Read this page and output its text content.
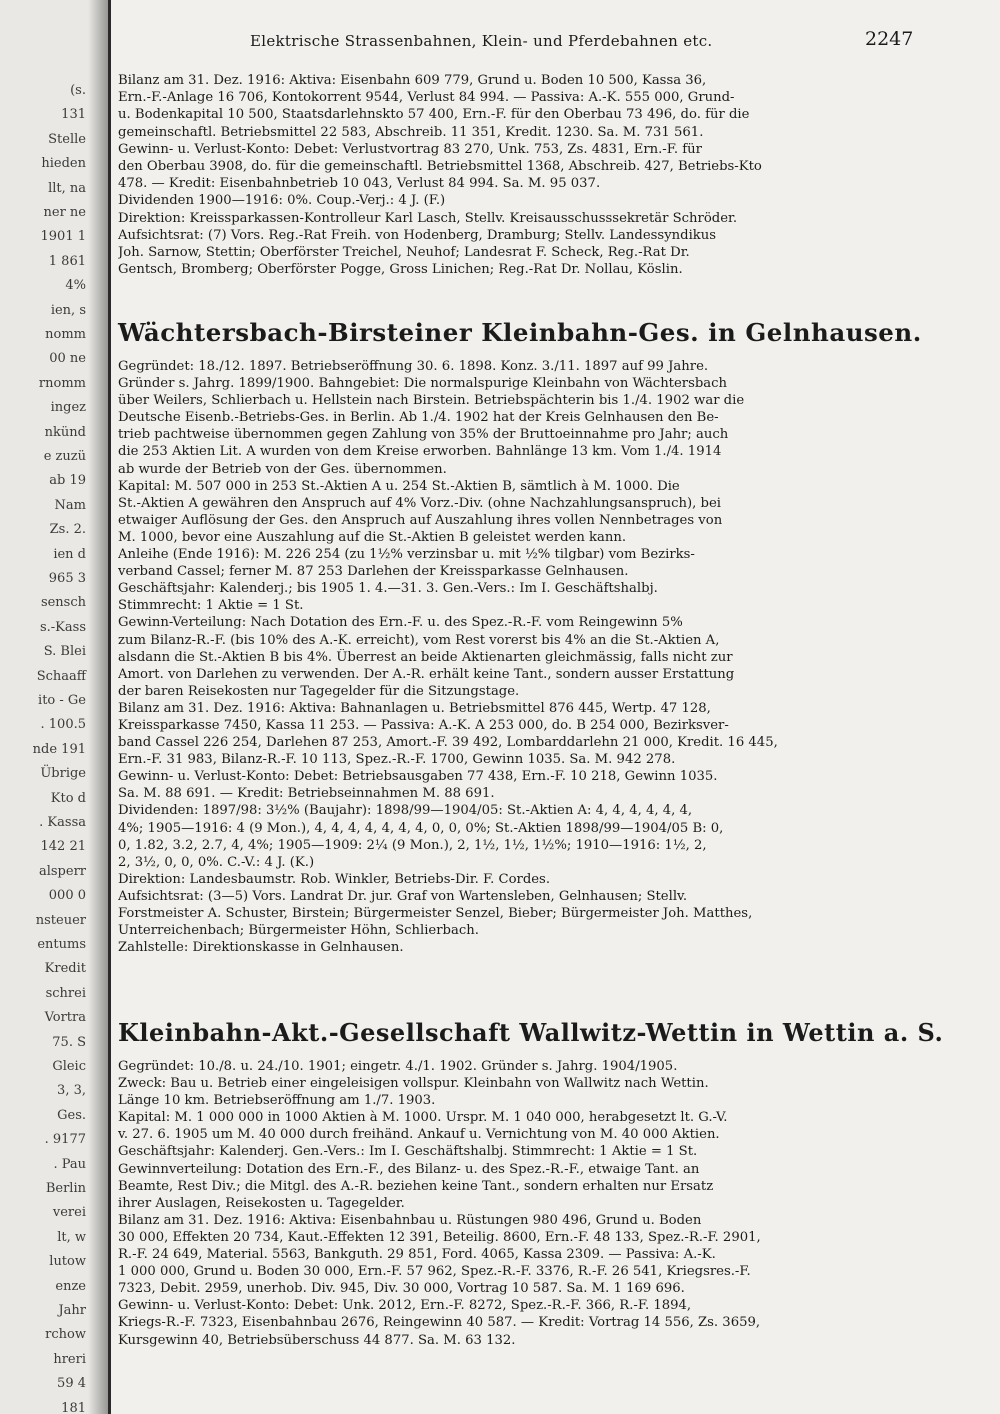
(s.
131
Stelle
hieden
llt, na
ner ne
1901 1
1 861
4%
ien, s
nomm
00 ne
rnomm
ingez
nkünd
e zuzü
ab 19
Nam
Zs. 2.
ien d
965 3
sensch
s.-Kass
S. Blei
Schaaff
ito - Ge
. 100.5
nde 191
Übrige
Kto d
. Kassa
142 21
alsperr
000 0
nsteuer
entums
Kredit
schrei
Vortra
75. S
Gleic
3, 3,
Ges.
. 9177
. Pau
Berlin
verei
lt, w
lutow
enze
Jahr
rchow
hreri
59 4
181
Elektrische Strassenbahnen, Klein- und Pferdebahnen etc.	2247
Bilanz am 31. Dez. 1916: Aktiva: Eisenbahn 609 779, Grund u. Boden 10 500, Kassa 36,
Ern.-F.-Anlage 16 706, Kontokorrent 9544, Verlust 84 994. — Passiva: A.-K. 555 000, Grund-
u. Bodenkapital 10 500, Staatsdarlehnskto 57 400, Ern.-F. für den Oberbau 73 496, do. für die
gemeinschaftl. Betriebsmittel 22 583, Abschreib. 11 351, Kredit. 1230. Sa. M. 731 561.
Gewinn- u. Verlust-Konto: Debet: Verlustvortrag 83 270, Unk. 753, Zs. 4831, Ern.-F. für
den Oberbau 3908, do. für die gemeinschaftl. Betriebsmittel 1368, Abschreib. 427, Betriebs-Kto
478. — Kredit: Eisenbahnbetrieb 10 043, Verlust 84 994. Sa. M. 95 037.
Dividenden 1900—1916: 0%. Coup.-Verj.: 4 J. (F.)
Direktion: Kreissparkassen-Kontrolleur Karl Lasch, Stellv. Kreisausschusssekretär Schröder.
Aufsichtsrat: (7) Vors. Reg.-Rat Freih. von Hodenberg, Dramburg; Stellv. Landessyndikus
Joh. Sarnow, Stettin; Oberförster Treichel, Neuhof; Landesrat F. Scheck, Reg.-Rat Dr.
Gentsch, Bromberg; Oberförster Pogge, Gross Linichen; Reg.-Rat Dr. Nollau, Köslin.

Wächtersbach-Birsteiner Kleinbahn-Ges. in Gelnhausen.

Gegründet: 18./12. 1897. Betriebseröffnung 30. 6. 1898. Konz. 3./11. 1897 auf 99 Jahre.
Gründer s. Jahrg. 1899/1900. Bahngebiet: Die normalspurige Kleinbahn von Wächtersbach
über Weilers, Schlierbach u. Hellstein nach Birstein. Betriebspächterin bis 1./4. 1902 war die
Deutsche Eisenb.-Betriebs-Ges. in Berlin. Ab 1./4. 1902 hat der Kreis Gelnhausen den Be-
trieb pachtweise übernommen gegen Zahlung von 35% der Bruttoeinnahme pro Jahr; auch
die 253 Aktien Lit. A wurden von dem Kreise erworben. Bahnlänge 13 km. Vom 1./4. 1914
ab wurde der Betrieb von der Ges. übernommen.
Kapital: M. 507 000 in 253 St.-Aktien A u. 254 St.-Aktien B, sämtlich à M. 1000. Die
St.-Aktien A gewähren den Anspruch auf 4% Vorz.-Div. (ohne Nachzahlungsanspruch), bei
etwaiger Auflösung der Ges. den Anspruch auf Auszahlung ihres vollen Nennbetrages von
M. 1000, bevor eine Auszahlung auf die St.-Aktien B geleistet werden kann.
Anleihe (Ende 1916): M. 226 254 (zu 1½% verzinsbar u. mit ½% tilgbar) vom Bezirks-
verband Cassel; ferner M. 87 253 Darlehen der Kreissparkasse Gelnhausen.
Geschäftsjahr: Kalenderj.; bis 1905 1. 4.—31. 3. Gen.-Vers.: Im I. Geschäftshalbj.
Stimmrecht: 1 Aktie = 1 St.
Gewinn-Verteilung: Nach Dotation des Ern.-F. u. des Spez.-R.-F. vom Reingewinn 5%
zum Bilanz-R.-F. (bis 10% des A.-K. erreicht), vom Rest vorerst bis 4% an die St.-Aktien A,
alsdann die St.-Aktien B bis 4%. Überrest an beide Aktienarten gleichmässig, falls nicht zur
Amort. von Darlehen zu verwenden. Der A.-R. erhält keine Tant., sondern ausser Erstattung
der baren Reisekosten nur Tagegelder für die Sitzungstage.
Bilanz am 31. Dez. 1916: Aktiva: Bahnanlagen u. Betriebsmittel 876 445, Wertp. 47 128,
Kreissparkasse 7450, Kassa 11 253. — Passiva: A.-K. A 253 000, do. B 254 000, Bezirksver-
band Cassel 226 254, Darlehen 87 253, Amort.-F. 39 492, Lombarddarlehn 21 000, Kredit. 16 445,
Ern.-F. 31 983, Bilanz-R.-F. 10 113, Spez.-R.-F. 1700, Gewinn 1035. Sa. M. 942 278.
Gewinn- u. Verlust-Konto: Debet: Betriebsausgaben 77 438, Ern.-F. 10 218, Gewinn 1035.
Sa. M. 88 691. — Kredit: Betriebseinnahmen M. 88 691.
Dividenden: 1897/98: 3½% (Baujahr): 1898/99—1904/05: St.-Aktien A: 4, 4, 4, 4, 4, 4,
4%; 1905—1916: 4 (9 Mon.), 4, 4, 4, 4, 4, 4, 4, 0, 0, 0%; St.-Aktien 1898/99—1904/05 B: 0,
0, 1.82, 3.2, 2.7, 4, 4%; 1905—1909: 2¼ (9 Mon.), 2, 1½, 1½, 1½%; 1910—1916: 1½, 2,
2, 3½, 0, 0, 0%. C.-V.: 4 J. (K.)
Direktion: Landesbaumstr. Rob. Winkler, Betriebs-Dir. F. Cordes.
Aufsichtsrat: (3—5) Vors. Landrat Dr. jur. Graf von Wartensleben, Gelnhausen; Stellv.
Forstmeister A. Schuster, Birstein; Bürgermeister Senzel, Bieber; Bürgermeister Joh. Matthes,
Unterreichenbach; Bürgermeister Höhn, Schlierbach.
Zahlstelle: Direktionskasse in Gelnhausen.

Kleinbahn-Akt.-Gesellschaft Wallwitz-Wettin in Wettin a. S.

Gegründet: 10./8. u. 24./10. 1901; eingetr. 4./1. 1902. Gründer s. Jahrg. 1904/1905.
Zweck: Bau u. Betrieb einer eingeleisigen vollspur. Kleinbahn von Wallwitz nach Wettin.
Länge 10 km. Betriebseröffnung am 1./7. 1903.
Kapital: M. 1 000 000 in 1000 Aktien à M. 1000. Urspr. M. 1 040 000, herabgesetzt lt. G.-V.
v. 27. 6. 1905 um M. 40 000 durch freihänd. Ankauf u. Vernichtung von M. 40 000 Aktien.
Geschäftsjahr: Kalenderj. Gen.-Vers.: Im I. Geschäftshalbj. Stimmrecht: 1 Aktie = 1 St.
Gewinnverteilung: Dotation des Ern.-F., des Bilanz- u. des Spez.-R.-F., etwaige Tant. an
Beamte, Rest Div.; die Mitgl. des A.-R. beziehen keine Tant., sondern erhalten nur Ersatz
ihrer Auslagen, Reisekosten u. Tagegelder.
Bilanz am 31. Dez. 1916: Aktiva: Eisenbahnbau u. Rüstungen 980 496, Grund u. Boden
30 000, Effekten 20 734, Kaut.-Effekten 12 391, Beteilig. 8600, Ern.-F. 48 133, Spez.-R.-F. 2901,
R.-F. 24 649, Material. 5563, Bankguth. 29 851, Ford. 4065, Kassa 2309. — Passiva: A.-K.
1 000 000, Grund u. Boden 30 000, Ern.-F. 57 962, Spez.-R.-F. 3376, R.-F. 26 541, Kriegsres.-F.
7323, Debit. 2959, unerhob. Div. 945, Div. 30 000, Vortrag 10 587. Sa. M. 1 169 696.
Gewinn- u. Verlust-Konto: Debet: Unk. 2012, Ern.-F. 8272, Spez.-R.-F. 366, R.-F. 1894,
Kriegs-R.-F. 7323, Eisenbahnbau 2676, Reingewinn 40 587. — Kredit: Vortrag 14 556, Zs. 3659,
Kursgewinn 40, Betriebsüberschuss 44 877. Sa. M. 63 132.
